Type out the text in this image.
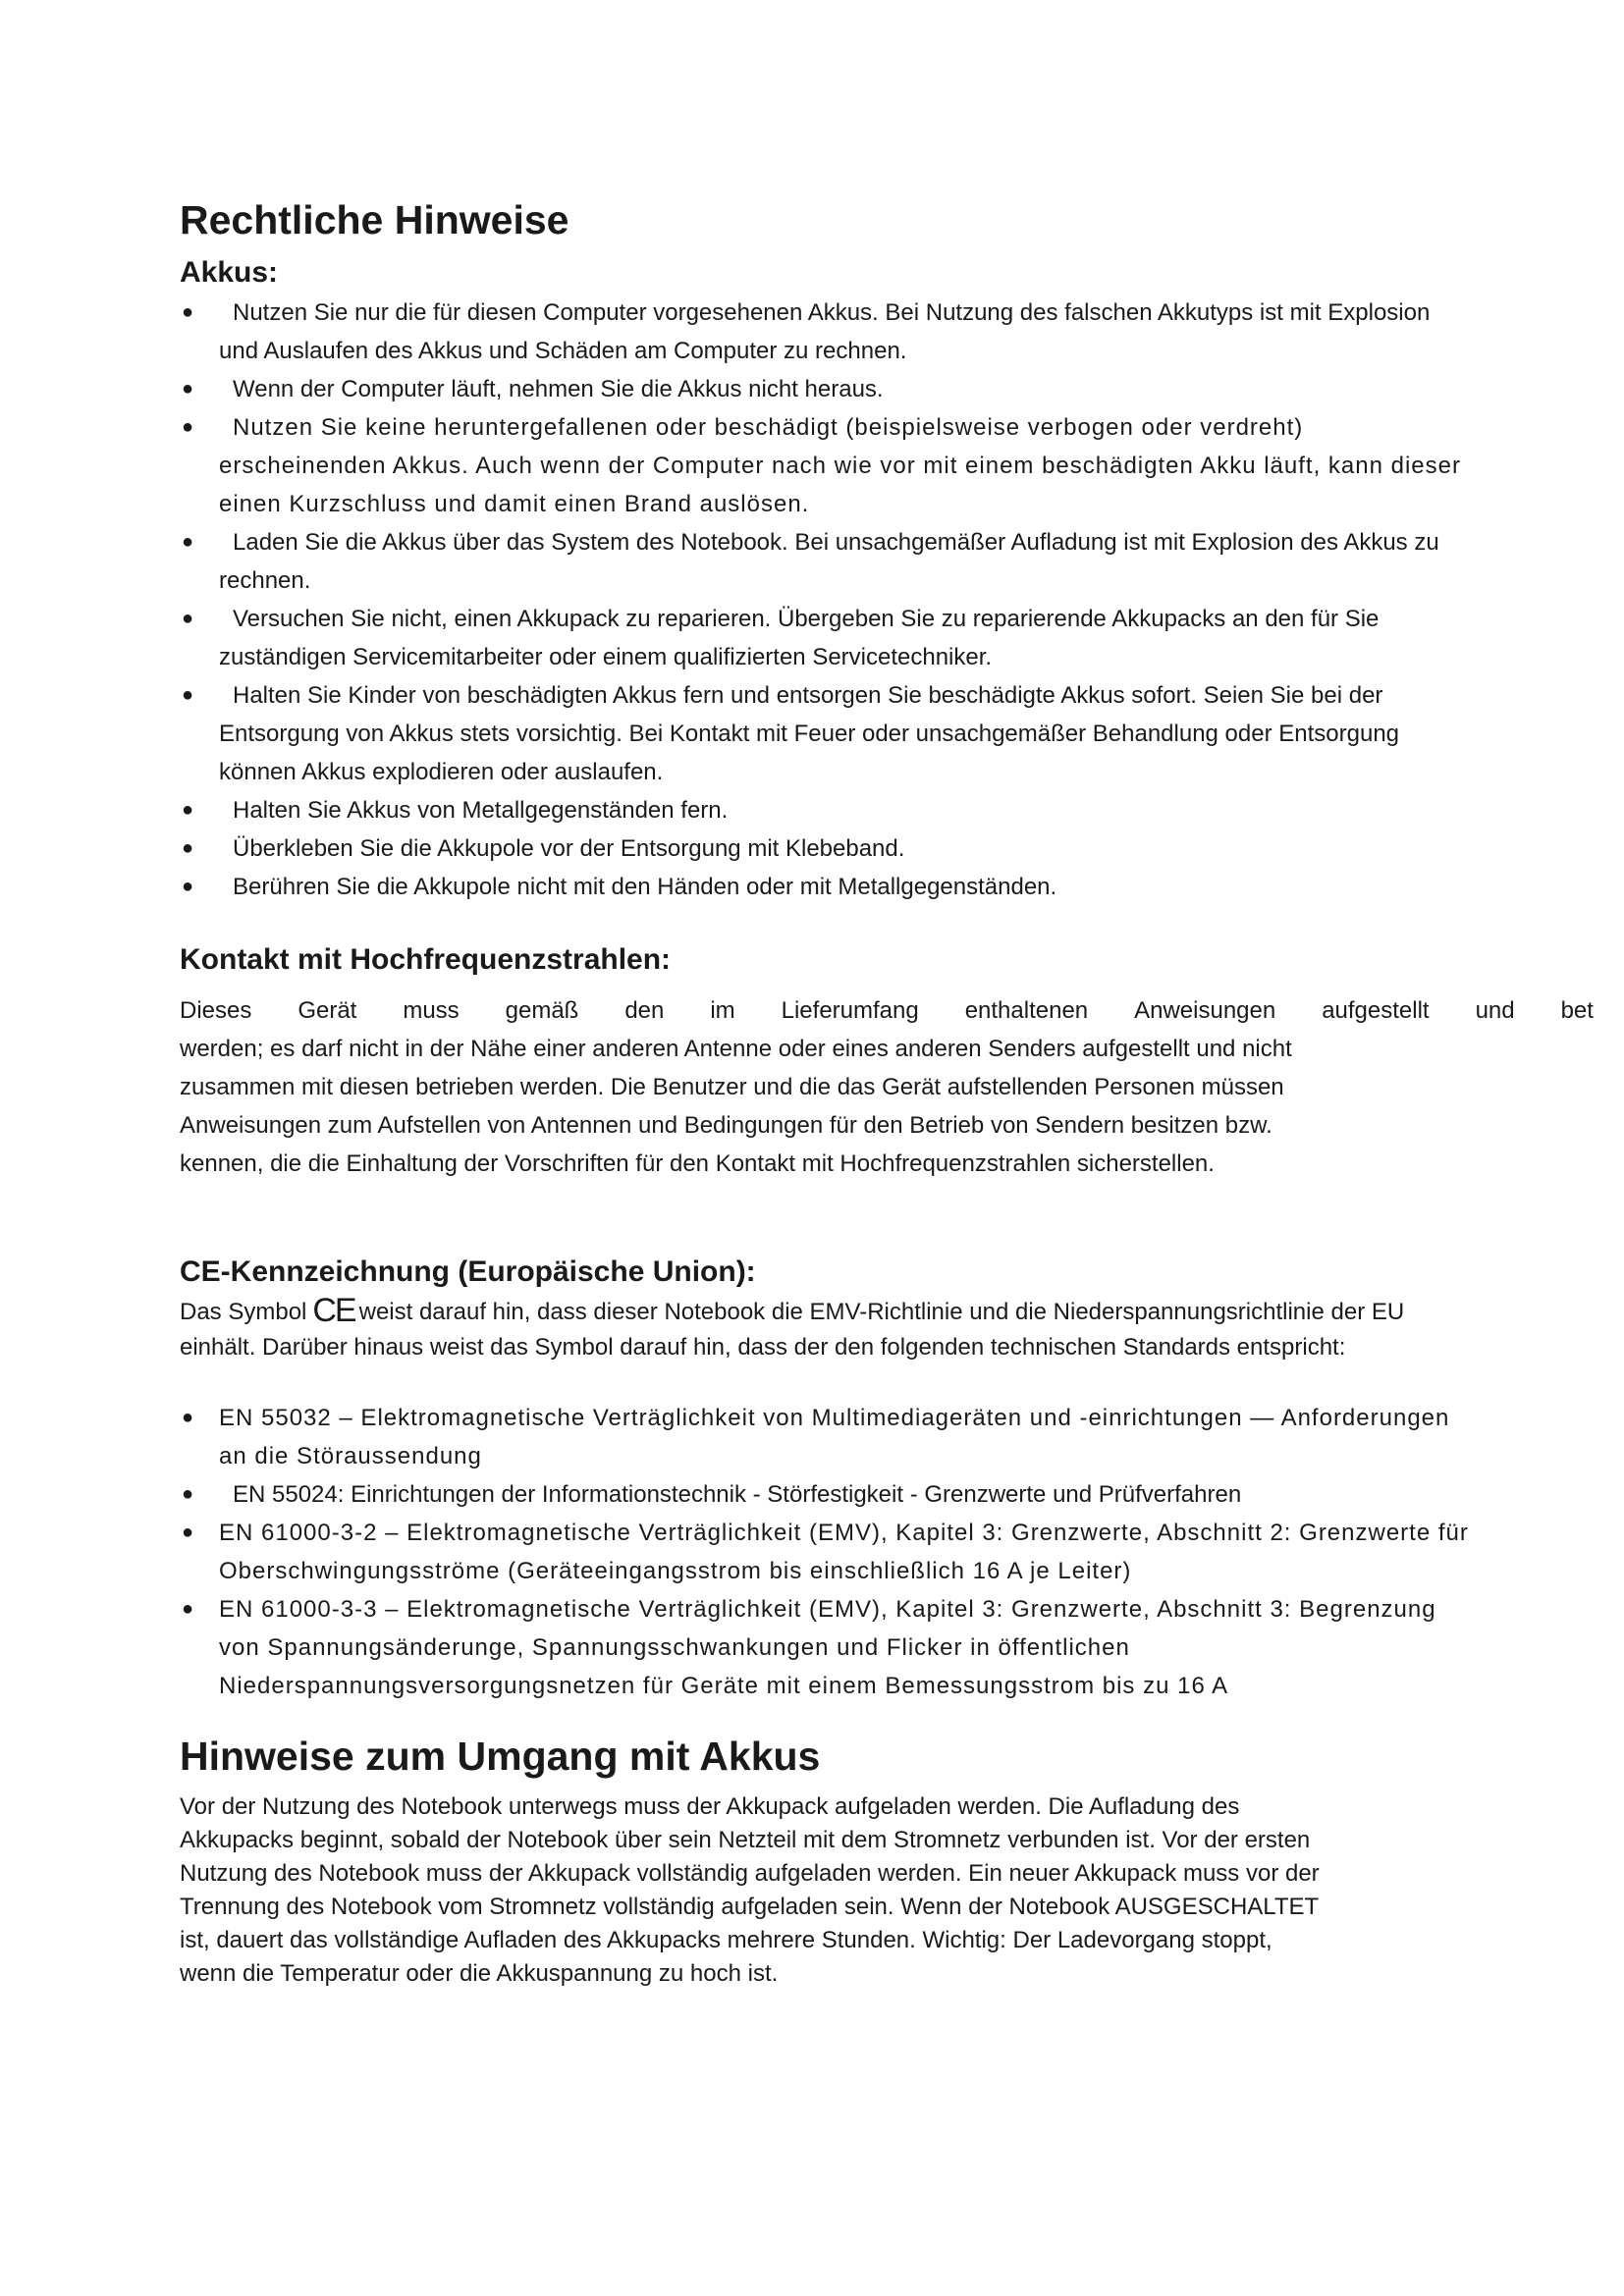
Rechtliche Hinweise
Akkus:
● Nutzen Sie nur die für diesen Computer vorgesehenen Akkus. Bei Nutzung des falschen Akkutyps ist mit Explosion und Auslaufen des Akkus und Schäden am Computer zu rechnen.
● Wenn der Computer läuft, nehmen Sie die Akkus nicht heraus.
● Nutzen Sie keine heruntergefallenen oder beschädigt (beispielsweise verbogen oder verdreht) erscheinenden Akkus. Auch wenn der Computer nach wie vor mit einem beschädigten Akku läuft, kann dieser einen Kurzschluss und damit einen Brand auslösen.
● Laden Sie die Akkus über das System des Notebook. Bei unsachgemäßer Aufladung ist mit Explosion des Akkus zu rechnen.
● Versuchen Sie nicht, einen Akkupack zu reparieren. Übergeben Sie zu reparierende Akkupacks an den für Sie zuständigen Servicemitarbeiter oder einem qualifizierten Servicetechniker.
● Halten Sie Kinder von beschädigten Akkus fern und entsorgen Sie beschädigte Akkus sofort. Seien Sie bei der Entsorgung von Akkus stets vorsichtig. Bei Kontakt mit Feuer oder unsachgemäßer Behandlung oder Entsorgung können Akkus explodieren oder auslaufen.
● Halten Sie Akkus von Metallgegenständen fern.
● Überkleben Sie die Akkupole vor der Entsorgung mit Klebeband.
● Berühren Sie die Akkupole nicht mit den Händen oder mit Metallgegenständen.
Kontakt mit Hochfrequenzstrahlen:
Dieses Gerät muss gemäß den im Lieferumfang enthaltenen Anweisungen aufgestellt und bet
werden; es darf nicht in der Nähe einer anderen Antenne oder eines anderen Senders aufgestellt und nicht
zusammen mit diesen betrieben werden. Die Benutzer und die das Gerät aufstellenden Personen müssen
Anweisungen zum Aufstellen von Antennen und Bedingungen für den Betrieb von Sendern besitzen bzw.
kennen, die die Einhaltung der Vorschriften für den Kontakt mit Hochfrequenzstrahlen sicherstellen.
CE-Kennzeichnung (Europäische Union):

Das Symbol CE weist darauf hin, dass dieser Notebook die EMV-Richtlinie und die Niederspannungsrichtlinie der EU einhält. Darüber hinaus weist das Symbol darauf hin, dass der den folgenden technischen Standards entspricht:

● EN 55032 – Elektromagnetische Verträglichkeit von Multimediageräten und -einrichtungen — Anforderungen an die Störaussendung
● EN 55024: Einrichtungen der Informationstechnik - Störfestigkeit - Grenzwerte und Prüfverfahren
● EN 61000-3-2 – Elektromagnetische Verträglichkeit (EMV), Kapitel 3: Grenzwerte, Abschnitt 2: Grenzwerte für Oberschwingungsströme (Geräteeingangsstrom bis einschließlich 16 A je Leiter)
● EN 61000-3-3 – Elektromagnetische Verträglichkeit (EMV), Kapitel 3: Grenzwerte, Abschnitt 3: Begrenzung von Spannungsänderunge, Spannungsschwankungen und Flicker in öffentlichen Niederspannungsversorgungsnetzen für Geräte mit einem Bemessungsstrom bis zu 16 A
Hinweise zum Umgang mit Akkus
Vor der Nutzung des Notebook unterwegs muss der Akkupack aufgeladen werden. Die Aufladung des
Akkupacks beginnt, sobald der Notebook über sein Netzteil mit dem Stromnetz verbunden ist. Vor der ersten
Nutzung des Notebook muss der Akkupack vollständig aufgeladen werden. Ein neuer Akkupack muss vor der
Trennung des Notebook vom Stromnetz vollständig aufgeladen sein. Wenn der Notebook AUSGESCHALTET
ist, dauert das vollständige Aufladen des Akkupacks mehrere Stunden. Wichtig: Der Ladevorgang stoppt,
wenn die Temperatur oder die Akkuspannung zu hoch ist.
